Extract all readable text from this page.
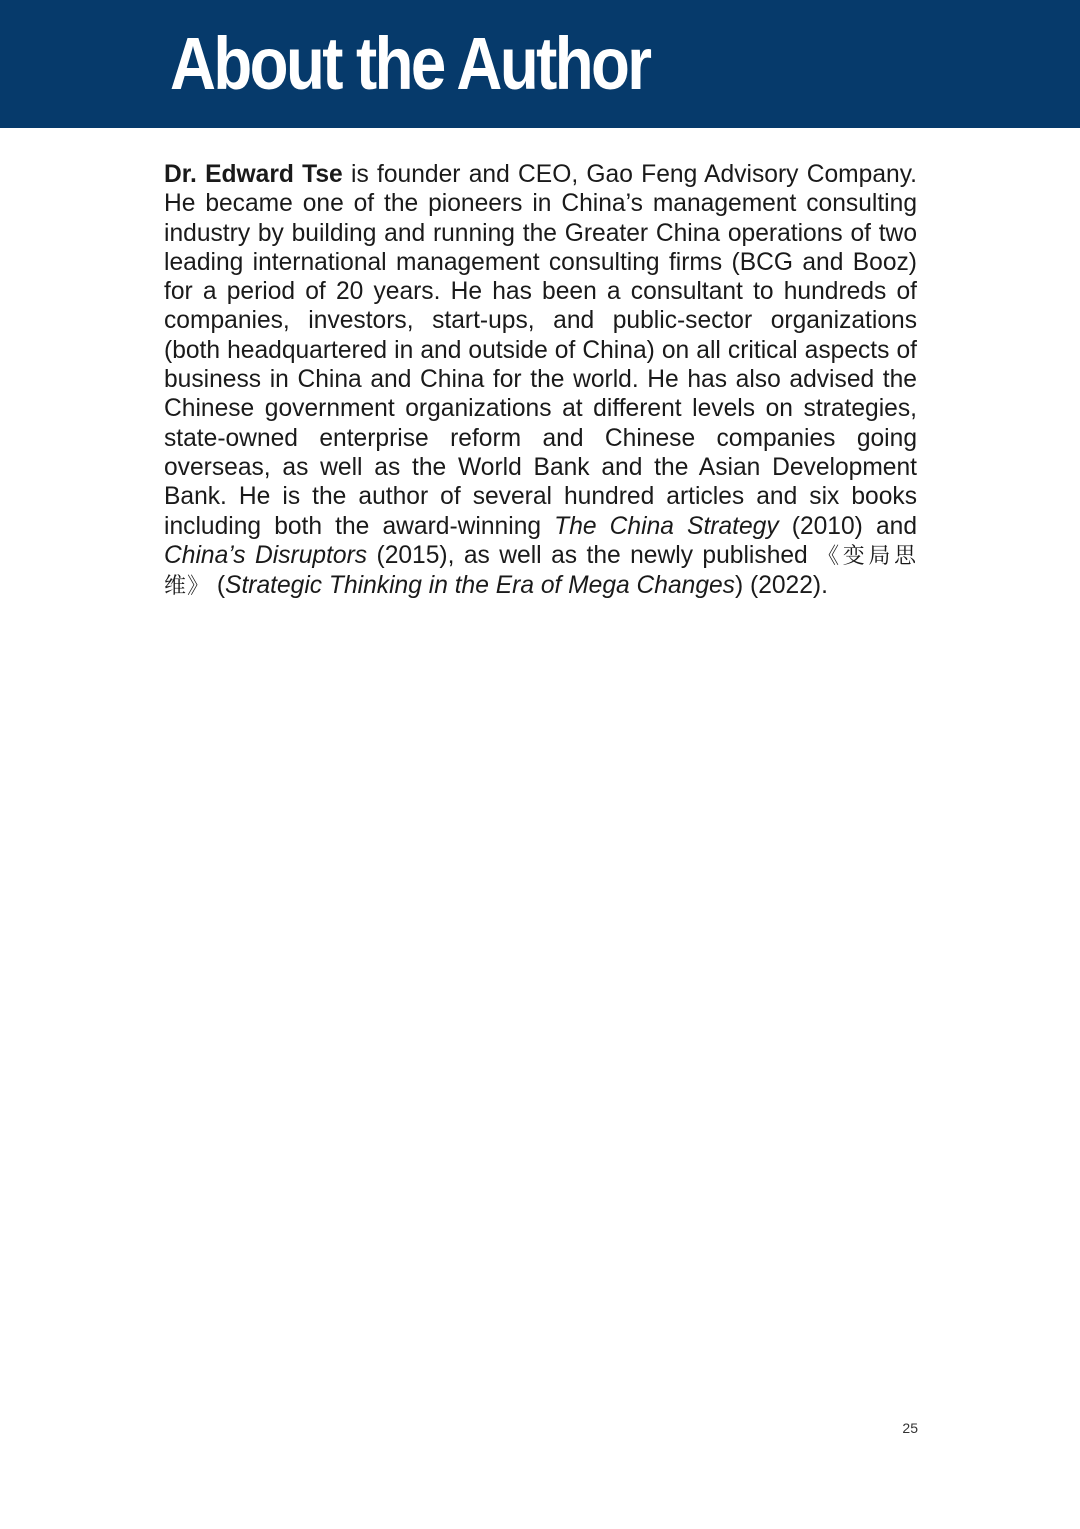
About the Author

Dr. Edward Tse is founder and CEO, Gao Feng Advisory Company. He became one of the pioneers in China’s management consulting industry by building and running the Greater China operations of two leading international management consulting firms (BCG and Booz) for a period of 20 years. He has been a consultant to hundreds of companies, investors, start-ups, and public-sector organizations (both headquartered in and outside of China) on all critical aspects of business in China and China for the world. He has also advised the Chinese government organizations at different levels on strategies, state-owned enterprise reform and Chinese companies going overseas, as well as the World Bank and the Asian Development Bank. He is the author of several hundred articles and six books including both the award-winning The China Strategy (2010) and China’s Disruptors (2015), as well as the newly published 《变局思维》 (Strategic Thinking in the Era of Mega Changes) (2022).

25
